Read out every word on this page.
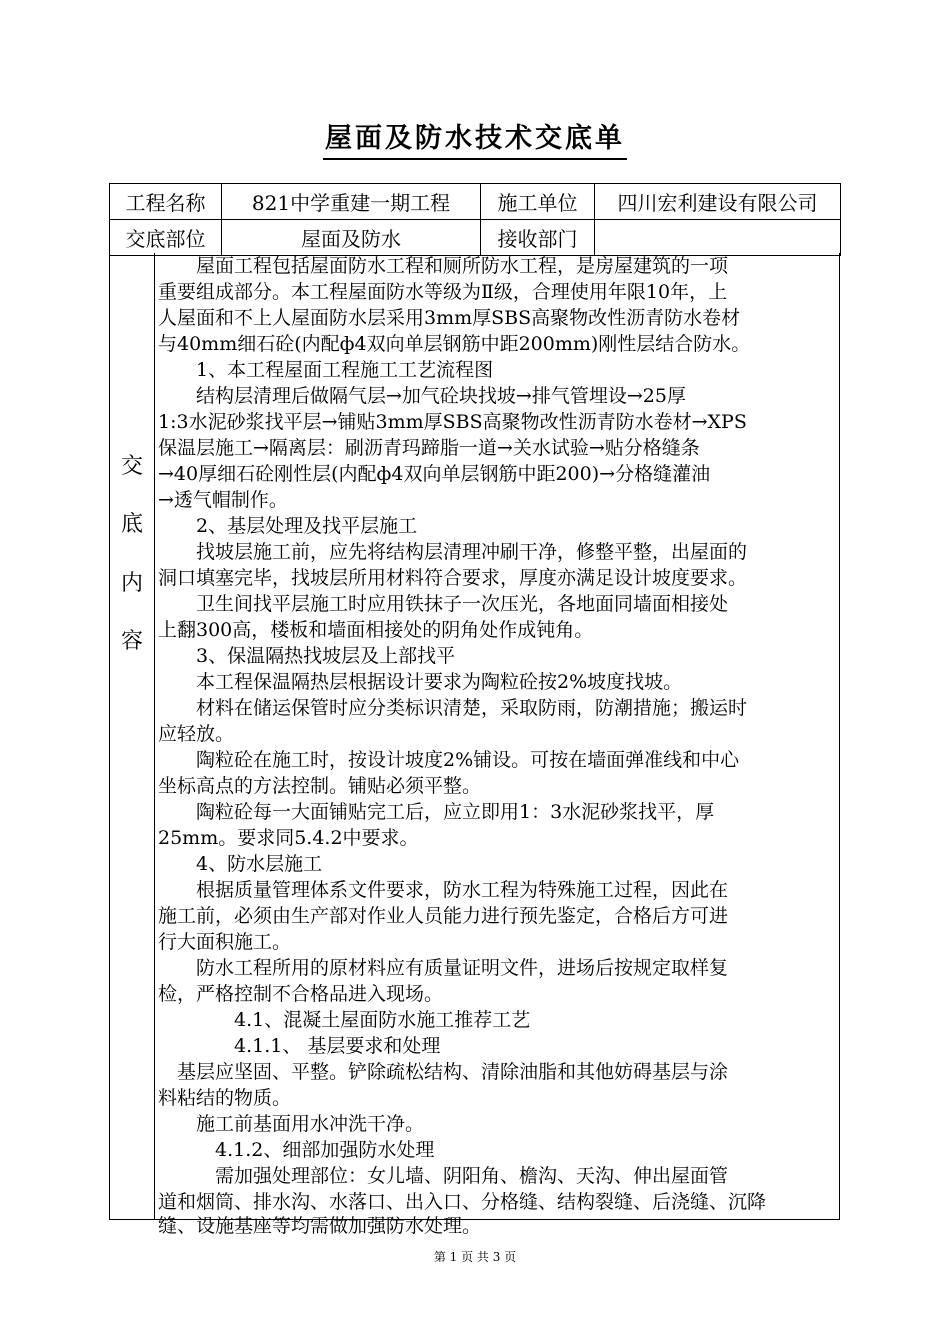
屋面及防水技术交底单
工程名称	821中学重建一期工程	施工单位	四川宏利建设有限公司
交底部位	屋面及防水	接收部门	
交
底
内
容

　　屋面工程包括屋面防水工程和厕所防水工程，是房屋建筑的一项

重要组成部分。本工程屋面防水等级为Ⅱ级，合理使用年限10年，上

人屋面和不上人屋面防水层采用3mm厚SBS高聚物改性沥青防水卷材

与40mm细石砼(内配ф4双向单层钢筋中距200mm)刚性层结合防水。

　　1、本工程屋面工程施工工艺流程图

　　结构层清理后做隔气层→加气砼块找坡→排气管埋设→25厚

1:3水泥砂浆找平层→铺贴3mm厚SBS高聚物改性沥青防水卷材→XPS

保温层施工→隔离层：刷沥青玛蹄脂一道→关水试验→贴分格缝条

→40厚细石砼刚性层(内配ф4双向单层钢筋中距200)→分格缝灌油

→透气帽制作。

　　2、基层处理及找平层施工

　　找坡层施工前，应先将结构层清理冲刷干净，修整平整，出屋面的

洞口填塞完毕，找坡层所用材料符合要求，厚度亦满足设计坡度要求。

　　卫生间找平层施工时应用铁抹子一次压光，各地面同墙面相接处

上翻300高，楼板和墙面相接处的阴角处作成钝角。

　　3、保温隔热找坡层及上部找平

　　本工程保温隔热层根据设计要求为陶粒砼按2%坡度找坡。

　　材料在储运保管时应分类标识清楚，采取防雨，防潮措施；搬运时

应轻放。

　　陶粒砼在施工时，按设计坡度2%铺设。可按在墙面弹准线和中心

坐标高点的方法控制。铺贴必须平整。

　　陶粒砼每一大面铺贴完工后，应立即用1：3水泥砂浆找平，厚

25mm。要求同5.4.2中要求。

　　4、防水层施工

　　根据质量管理体系文件要求，防水工程为特殊施工过程，因此在

施工前，必须由生产部对作业人员能力进行预先鉴定，合格后方可进

行大面积施工。

　　防水工程所用的原材料应有质量证明文件，进场后按规定取样复

检，严格控制不合格品进入现场。

　　　　4.1、混凝土屋面防水施工推荐工艺

　　　　4.1.1、 基层要求和处理

　基层应坚固、平整。铲除疏松结构、清除油脂和其他妨碍基层与涂

料粘结的物质。

　　施工前基面用水冲洗干净。

　　　4.1.2、细部加强防水处理

　　　需加强处理部位：女儿墙、阴阳角、檐沟、天沟、伸出屋面管

道和烟筒、排水沟、水落口、出入口、分格缝、结构裂缝、后浇缝、沉降

缝、设施基座等均需做加强防水处理。

第 1 页 共 3 页
